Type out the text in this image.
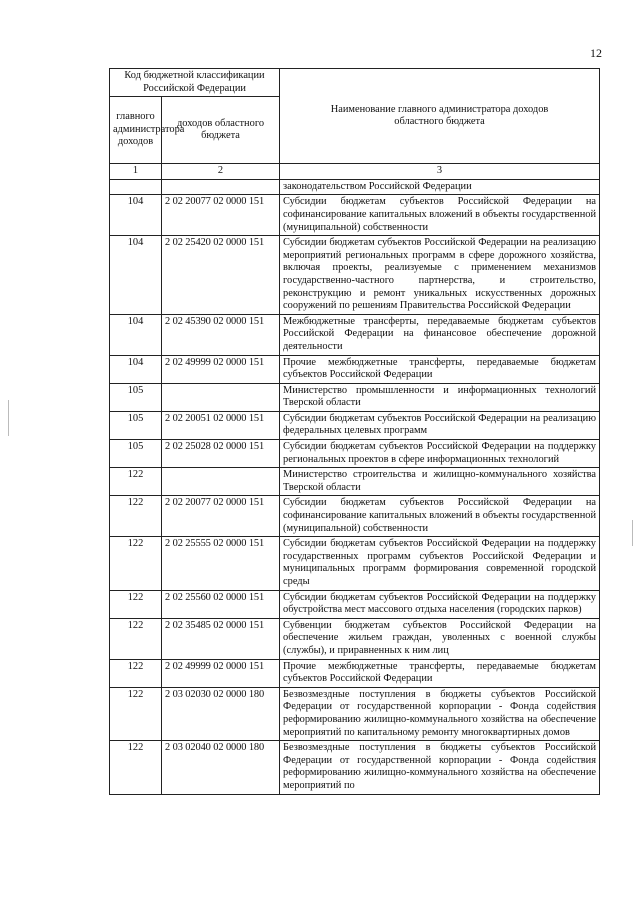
12
Код бюджетной классификации Российской Федерации		Наименование главного администратора доходов областного бюджета
главного администратора доходов	доходов областного бюджета	
1	2	3
		законодательством Российской Федерации
104	2 02 20077 02 0000 151	Субсидии бюджетам субъектов Российской Федерации на софинансирование капитальных вложений в объекты государственной (муниципальной) собственности
104	2 02 25420 02 0000 151	Субсидии бюджетам субъектов Российской Федерации на реализацию мероприятий региональных программ в сфере дорожного хозяйства, включая проекты, реализуемые с применением механизмов государственно-частного партнерства, и строительство, реконструкцию и ремонт уникальных искусственных дорожных сооружений по решениям Правительства Российской Федерации
104	2 02 45390 02 0000 151	Межбюджетные трансферты, передаваемые бюджетам субъектов Российской Федерации на финансовое обеспечение дорожной деятельности
104	2 02 49999 02 0000 151	Прочие межбюджетные трансферты, передаваемые бюджетам субъектов Российской Федерации
105		Министерство промышленности и информационных технологий Тверской области
105	2 02 20051 02 0000 151	Субсидии бюджетам субъектов Российской Федерации на реализацию федеральных целевых программ
105	2 02 25028 02 0000 151	Субсидии бюджетам субъектов Российской Федерации на поддержку региональных проектов в сфере информационных технологий
122		Министерство строительства и жилищно-коммунального хозяйства Тверской области
122	2 02 20077 02 0000 151	Субсидии бюджетам субъектов Российской Федерации на софинансирование капитальных вложений в объекты государственной (муниципальной) собственности
122	2 02 25555 02 0000 151	Субсидии бюджетам субъектов Российской Федерации на поддержку государственных программ субъектов Российской Федерации и муниципальных программ формирования современной городской среды
122	2 02 25560 02 0000 151	Субсидии бюджетам субъектов Российской Федерации на поддержку обустройства мест массового отдыха населения (городских парков)
122	2 02 35485 02 0000 151	Субвенции бюджетам субъектов Российской Федерации на обеспечение жильем граждан, уволенных с военной службы (службы), и приравненных к ним лиц
122	2 02 49999 02 0000 151	Прочие межбюджетные трансферты, передаваемые бюджетам субъектов Российской Федерации
122	2 03 02030 02 0000 180	Безвозмездные поступления в бюджеты субъектов Российской Федерации от государственной корпорации - Фонда содействия реформированию жилищно-коммунального хозяйства на обеспечение мероприятий по капитальному ремонту многоквартирных домов
122	2 03 02040 02 0000 180	Безвозмездные поступления в бюджеты субъектов Российской Федерации от государственной корпорации - Фонда содействия реформированию жилищно-коммунального хозяйства на обеспечение мероприятий по
